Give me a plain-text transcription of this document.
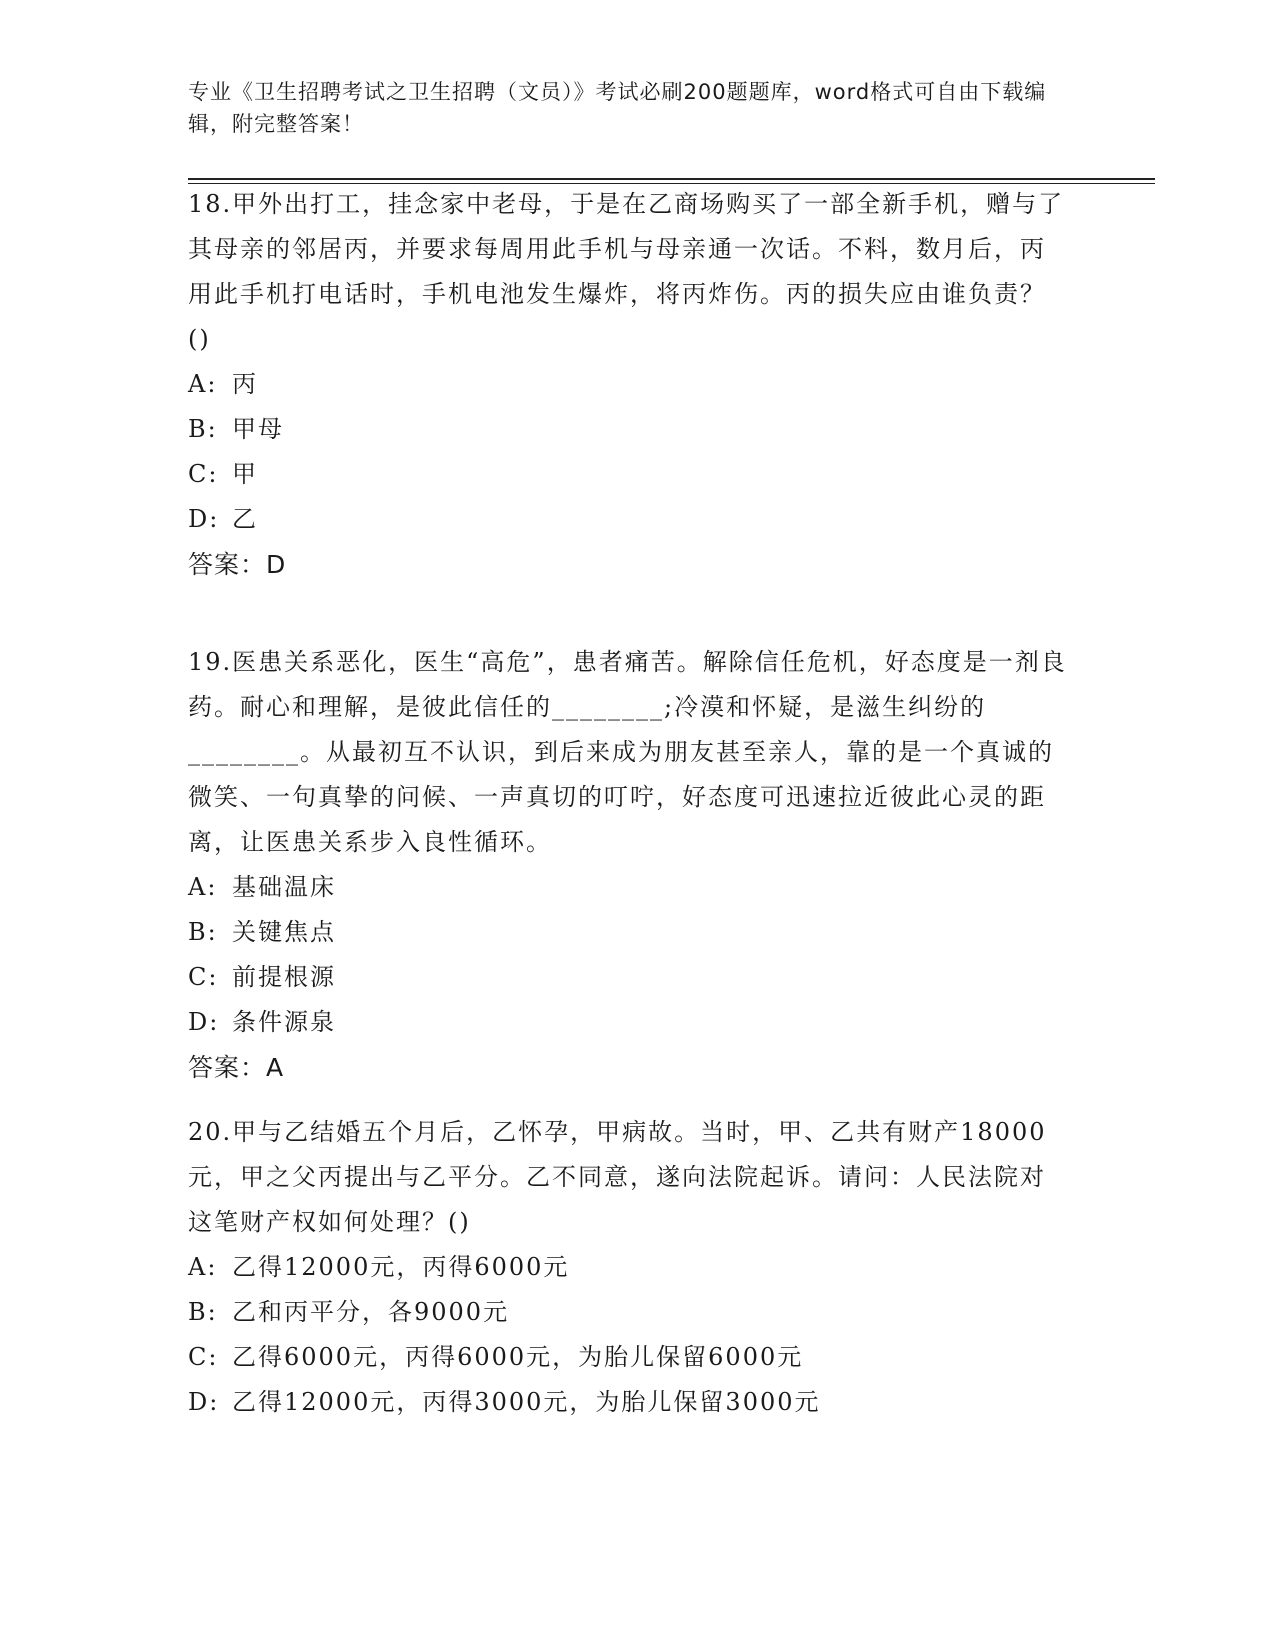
专业《卫生招聘考试之卫生招聘（文员）》考试必刷200题题库，word格式可自由下载编辑，附完整答案！

18.甲外出打工，挂念家中老母，于是在乙商场购买了一部全新手机，赠与了其母亲的邻居丙，并要求每周用此手机与母亲通一次话。不料，数月后，丙用此手机打电话时，手机电池发生爆炸，将丙炸伤。丙的损失应由谁负责？()

A: 丙

B: 甲母

C: 甲

D: 乙

答案：D

19.医患关系恶化，医生“高危”，患者痛苦。解除信任危机，好态度是一剂良药。耐心和理解，是彼此信任的________;冷漠和怀疑，是滋生纠纷的________。从最初互不认识，到后来成为朋友甚至亲人，靠的是一个真诚的微笑、一句真挚的问候、一声真切的叮咛，好态度可迅速拉近彼此心灵的距离，让医患关系步入良性循环。

A: 基础温床

B: 关键焦点

C: 前提根源

D: 条件源泉

答案：A

20.甲与乙结婚五个月后，乙怀孕，甲病故。当时，甲、乙共有财产18000元，甲之父丙提出与乙平分。乙不同意，遂向法院起诉。请问：人民法院对这笔财产权如何处理？()

A: 乙得12000元，丙得6000元

B: 乙和丙平分，各9000元

C: 乙得6000元，丙得6000元，为胎儿保留6000元

D: 乙得12000元，丙得3000元，为胎儿保留3000元
